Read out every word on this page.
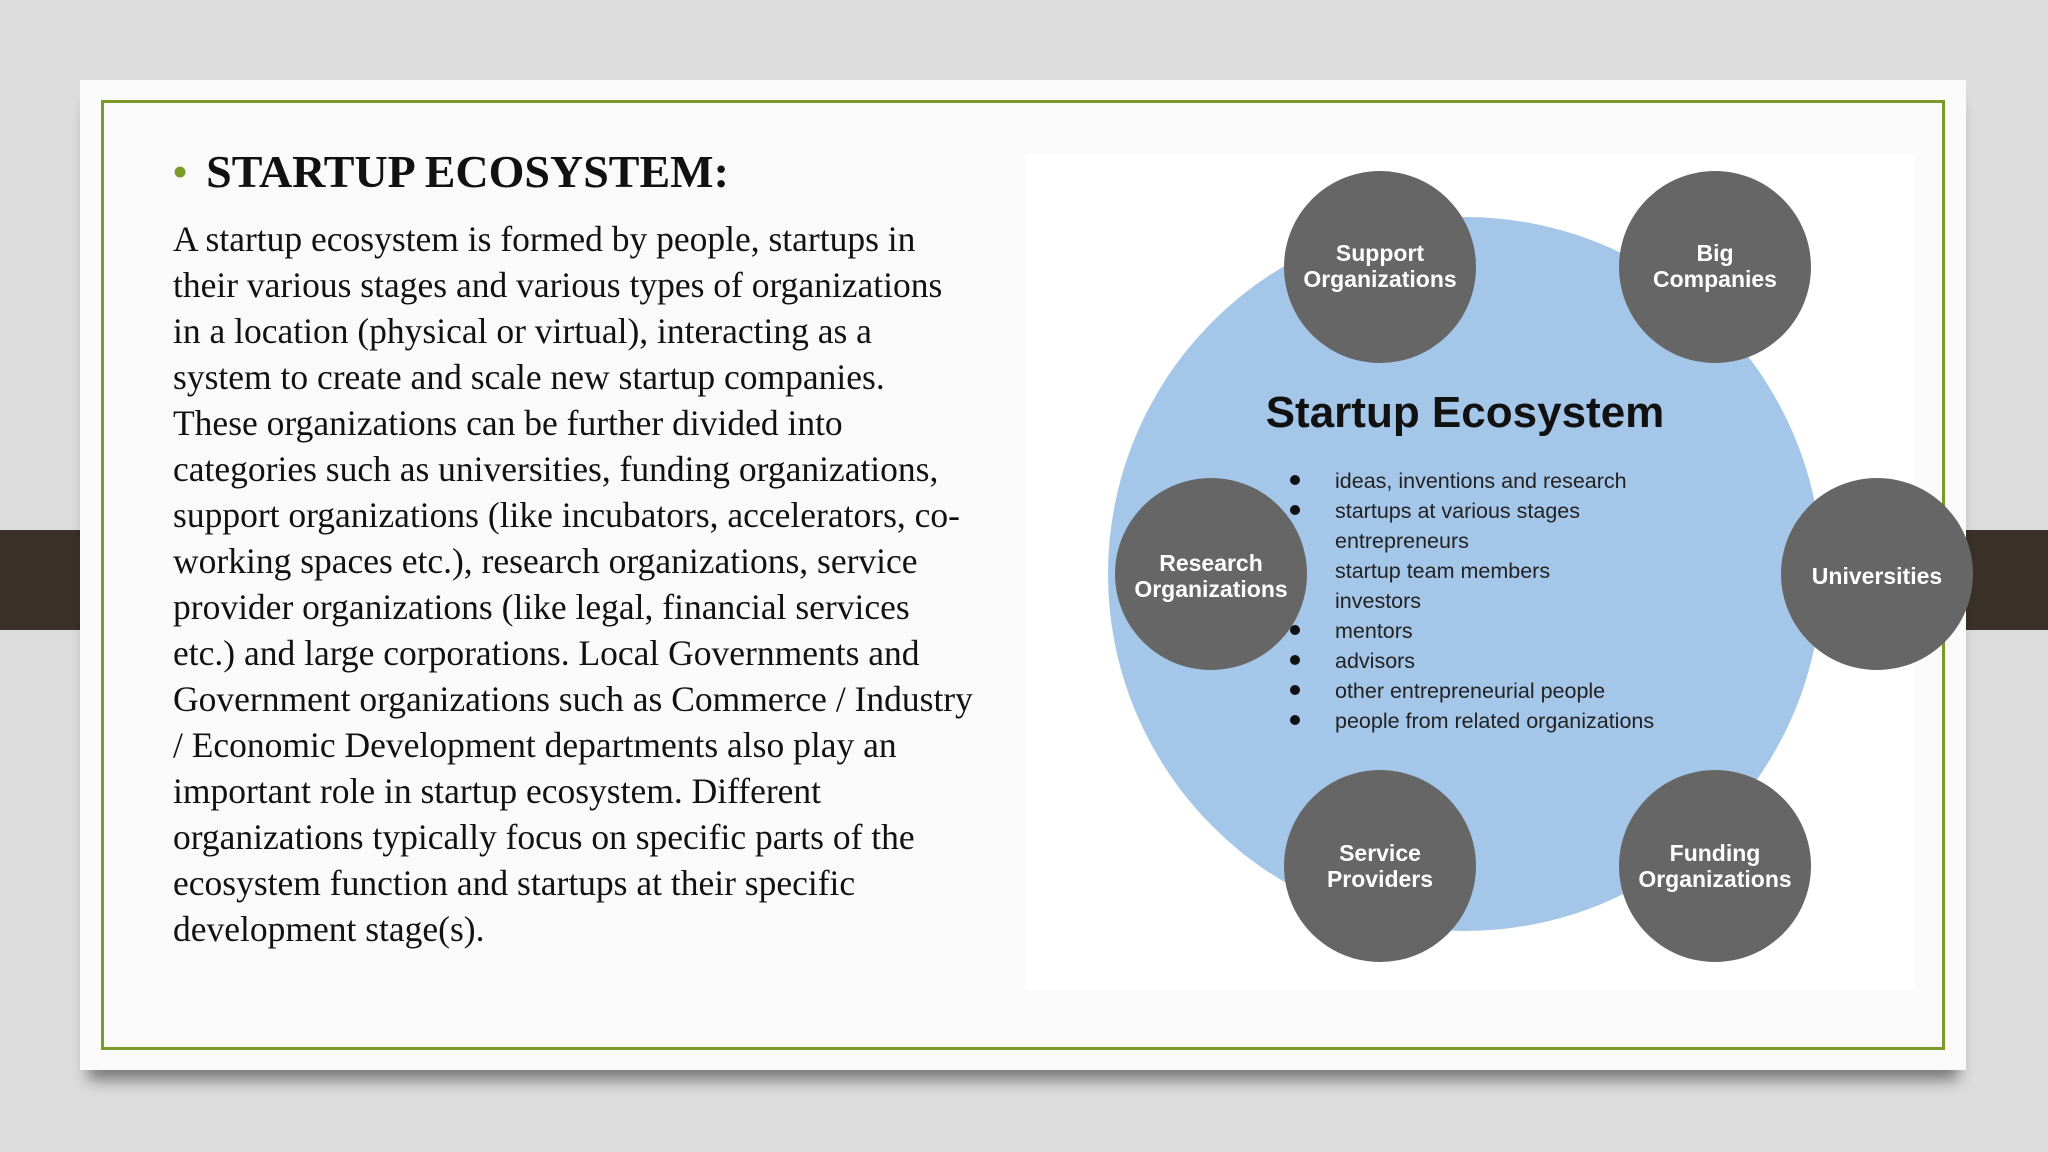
• STARTUP ECOSYSTEM:
A startup ecosystem is formed by people, startups in
their various stages and various types of organizations
in a location (physical or virtual), interacting as a
system to create and scale new startup companies.
These organizations can be further divided into
categories such as universities, funding organizations,
support organizations (like incubators, accelerators, co-
working spaces etc.), research organizations, service
provider organizations (like legal, financial services
etc.) and large corporations. Local Governments and
Government organizations such as Commerce / Industry
/ Economic Development departments also play an
important role in startup ecosystem. Different
organizations typically focus on specific parts of the
ecosystem function and startups at their specific
development stage(s).
Startup Ecosystem
ideas, inventions and research
startups at various stages
entrepreneurs
startup team members
investors
mentors
advisors
other entrepreneurial people
people from related organizations
Support
Organizations
Big
Companies
Research
Organizations	Universities
Service
Providers
Funding
Organizations
